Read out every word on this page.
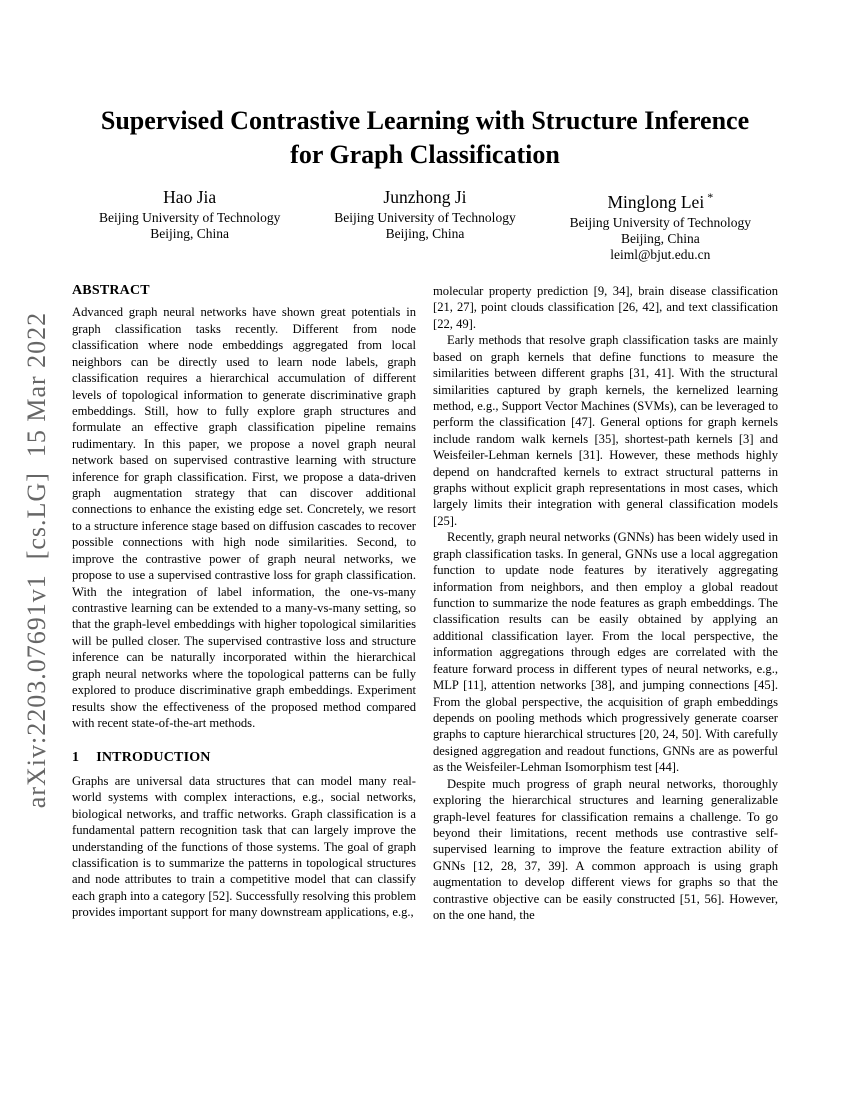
arXiv:2203.07691v1  [cs.LG]  15 Mar 2022
Supervised Contrastive Learning with Structure Inference for Graph Classification
Hao Jia
Beijing University of Technology
Beijing, China
Junzhong Ji
Beijing University of Technology
Beijing, China
Minglong Lei *
Beijing University of Technology
Beijing, China
leiml@bjut.edu.cn
ABSTRACT

Advanced graph neural networks have shown great potentials in graph classification tasks recently. Different from node classification where node embeddings aggregated from local neighbors can be directly used to learn node labels, graph classification requires a hierarchical accumulation of different levels of topological information to generate discriminative graph embeddings. Still, how to fully explore graph structures and formulate an effective graph classification pipeline remains rudimentary. In this paper, we propose a novel graph neural network based on supervised contrastive learning with structure inference for graph classification. First, we propose a data-driven graph augmentation strategy that can discover additional connections to enhance the existing edge set. Concretely, we resort to a structure inference stage based on diffusion cascades to recover possible connections with high node similarities. Second, to improve the contrastive power of graph neural networks, we propose to use a supervised contrastive loss for graph classification. With the integration of label information, the one-vs-many contrastive learning can be extended to a many-vs-many setting, so that the graph-level embeddings with higher topological similarities will be pulled closer. The supervised contrastive loss and structure inference can be naturally incorporated within the hierarchical graph neural networks where the topological patterns can be fully explored to produce discriminative graph embeddings. Experiment results show the effectiveness of the proposed method compared with recent state-of-the-art methods.

1 INTRODUCTION

Graphs are universal data structures that can model many real-world systems with complex interactions, e.g., social networks, biological networks, and traffic networks. Graph classification is a fundamental pattern recognition task that can largely improve the understanding of the functions of those systems. The goal of graph classification is to summarize the patterns in topological structures and node attributes to train a competitive model that can classify each graph into a category [52]. Successfully resolving this problem provides important support for many downstream applications, e.g.,

molecular property prediction [9, 34], brain disease classification [21, 27], point clouds classification [26, 42], and text classification [22, 49].

Early methods that resolve graph classification tasks are mainly based on graph kernels that define functions to measure the similarities between different graphs [31, 41]. With the structural similarities captured by graph kernels, the kernelized learning method, e.g., Support Vector Machines (SVMs), can be leveraged to perform the classification [47]. General options for graph kernels include random walk kernels [35], shortest-path kernels [3] and Weisfeiler-Lehman kernels [31]. However, these methods highly depend on handcrafted kernels to extract structural patterns in graphs without explicit graph representations in most cases, which largely limits their integration with general classification models [25].

Recently, graph neural networks (GNNs) has been widely used in graph classification tasks. In general, GNNs use a local aggregation function to update node features by iteratively aggregating information from neighbors, and then employ a global readout function to summarize the node features as graph embeddings. The classification results can be easily obtained by applying an additional classification layer. From the local perspective, the information aggregations through edges are correlated with the feature forward process in different types of neural networks, e.g., MLP [11], attention networks [38], and jumping connections [45]. From the global perspective, the acquisition of graph embeddings depends on pooling methods which progressively generate coarser graphs to capture hierarchical structures [20, 24, 50]. With carefully designed aggregation and readout functions, GNNs are as powerful as the Weisfeiler-Lehman Isomorphism test [44].

Despite much progress of graph neural networks, thoroughly exploring the hierarchical structures and learning generalizable graph-level features for classification remains a challenge. To go beyond their limitations, recent methods use contrastive self-supervised learning to improve the feature extraction ability of GNNs [12, 28, 37, 39]. A common approach is using graph augmentation to develop different views for graphs so that the contrastive objective can be easily constructed [51, 56]. However, on the one hand, the
